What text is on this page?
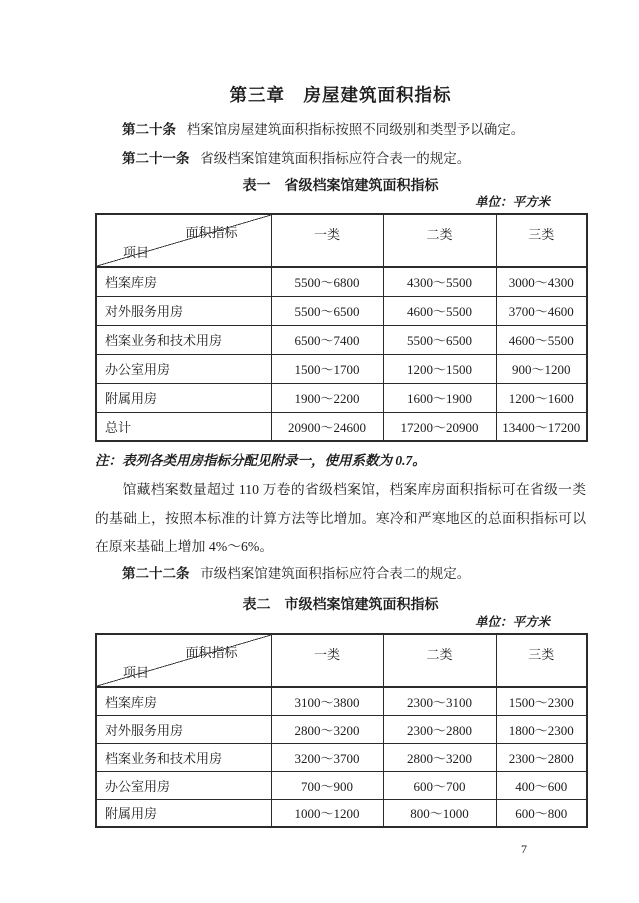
第三章　房屋建筑面积指标

第二十条 档案馆房屋建筑面积指标按照不同级别和类型予以确定。

第二十一条 省级档案馆建筑面积指标应符合表一的规定。

表一　省级档案馆建筑面积指标
单位：平方米
面积指标
项目	一类	二类	三类
档案库房	5500～6800	4300～5500	3000～4300
对外服务用房	5500～6500	4600～5500	3700～4600
档案业务和技术用房	6500～7400	5500～6500	4600～5500
办公室用房	1500～1700	1200～1500	900～1200
附属用房	1900～2200	1600～1900	1200～1600
总计	20900～24600	17200～20900	13400～17200

注：表列各类用房指标分配见附录一，使用系数为 0.7。

馆藏档案数量超过 110 万卷的省级档案馆，档案库房面积指标可在省级一类的基础上，按照本标准的计算方法等比增加。寒冷和严寒地区的总面积指标可以在原来基础上增加 4%～6%。

第二十二条 市级档案馆建筑面积指标应符合表二的规定。

表二　市级档案馆建筑面积指标
单位：平方米
面积指标
项目	一类	二类	三类
档案库房	3100～3800	2300～3100	1500～2300
对外服务用房	2800～3200	2300～2800	1800～2300
档案业务和技术用房	3200～3700	2800～3200	2300～2800
办公室用房	700～900	600～700	400～600
附属用房	1000～1200	800～1000	600～800
7
